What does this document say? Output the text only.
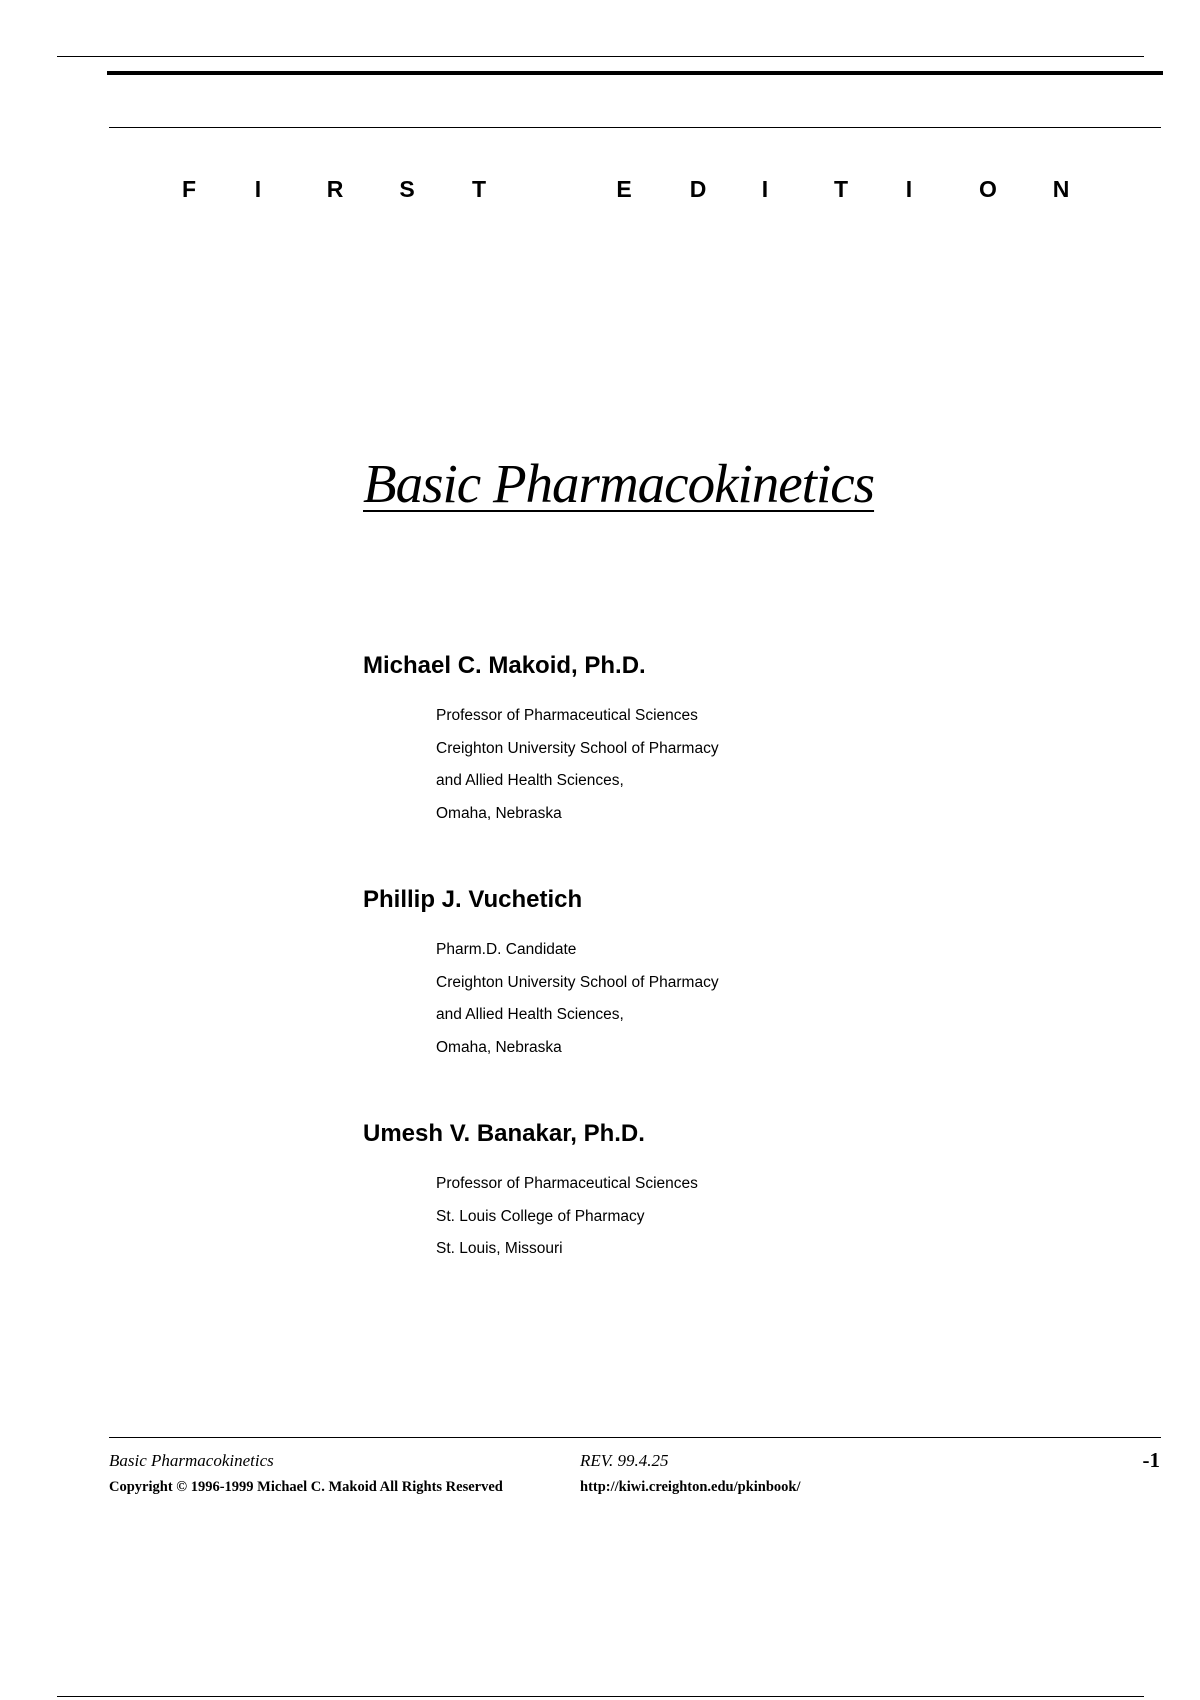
F	I	R	S	T	E	D	I	T	I	O N
Basic Pharmacokinetics
Michael C. Makoid, Ph.D.
Professor of Pharmaceutical Sciences
Creighton University School of Pharmacy
and Allied Health Sciences,
Omaha, Nebraska
Phillip J. Vuchetich
Pharm.D. Candidate
Creighton University School of Pharmacy
and Allied Health Sciences,
Omaha, Nebraska
Umesh V. Banakar, Ph.D.
Professor of Pharmaceutical Sciences
St. Louis College of Pharmacy
St. Louis, Missouri
Basic Pharmacokinetics	REV. 99.4.25	-1
Copyright © 1996-1999 Michael C. Makoid All Rights Reserved	http://kiwi.creighton.edu/pkinbook/
